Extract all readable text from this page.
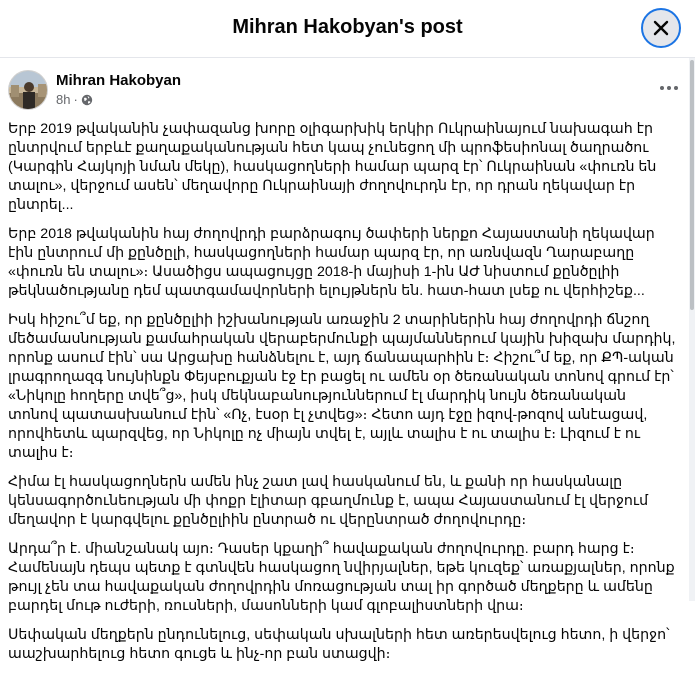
Mihran Hakobyan's post
Mihran Hakobyan
8h ·

Երբ 2019 թվականին չափազանց խորը օլիգարխիկ երկիր Ուկրաինայում նախագահ էր ընտրվում երբևէ քաղաքականության հետ կապ չունեցող մի պրոֆեսիոնալ ծաղրածու (Կարգին Հայկոյի նման մեկը), հասկացողների համար պարզ էր՝ Ուկրաինան «փուռն են տալու», վերջում ասեն՝ մեղավորը Ուկրաինայի ժողովուրդն էր, որ դրան ղեկավար էր ընտրել...

Երբ 2018 թվականին հայ ժողովրդի բարձրագույ ծափերի ներքո Հայաստանի ղեկավար էին ընտրում մի քընծըլի, հասկացողների համար պարզ էր, որ առնվազն Ղարաբաղը «փուռն են տալու»։ Ասածիցս ապացույցը 2018-ի մայիսի 1-ին ԱԺ նիստում քընծըլիի թեկնածությանը դեմ պատգամավորների ելույթներն են. հատ-հատ լսեք ու վերհիշեք...

Իսկ հիշու՞մ եք, որ քընծըլիի իշխանության առաջին 2 տարիներին հայ ժողովրդի ճնշող մեծամասնության քամահրական վերաբերմունքի պայմաններում կային խիզախ մարդիկ, որոնք ասում էին՝ սա Արցախը հանձնելու է, այդ ճանապարհին է։ Հիշու՞մ եք, որ ՔՊ-ական լրագրողազգ նույնինքն Փեյսբուքյան էջ էր բացել ու ամեն օր ծեռանական տոնով գրում էր՝ «Նիկոլը հողերը տվե՞ց», իսկ մեկնաբանություններում էլ մարդիկ նույն ծեռանական տոնով պատասխանում էին՝ «Ոչ, էսօր էլ չտվեց»։ Հետո այդ էջը իզով-թոզով անէացավ, որովհետև պարզվեց, որ Նիկոլը ոչ միայն տվել է, այլև տալիս է ու տալիս է։ Լիզում է ու տալիս է։

Հիմա էլ հասկացողներն ամեն ինչ շատ լավ հասկանում են, և քանի որ հասկանալը կենսագործունեության մի փոքր էլիտար գբաղմունք է, ապա Հայաստանում էլ վերջում մեղավոր է կարգվելու քընծըլիին ընտրած ու վերընտրած ժողովուրդը։

Արդա՞ր է. միանշանակ այո։ Դասեր կքաղի՞ հավաքական ժողովուրդը. բարդ հարց է։ Համենայն դեպս պետք է գտնվեն հասկացող նվիրյալներ, եթե կուզեք՝ առաքյալներ, որոնք թույլ չեն տա հավաքական ժողովրդին մոռացության տալ իր գործած մեղքերը և ամենը բարդել մութ ուժերի, ռուսների, մասոնների կամ գլոբալիստների վրա։

Սեփական մեղքերն ընդունելուց, սեփական սխալների հետ առերեսվելուց հետո, ի վերջո՝ աաշխարհելուց հետո գուցե և ինչ-որ բան ստացվի։
